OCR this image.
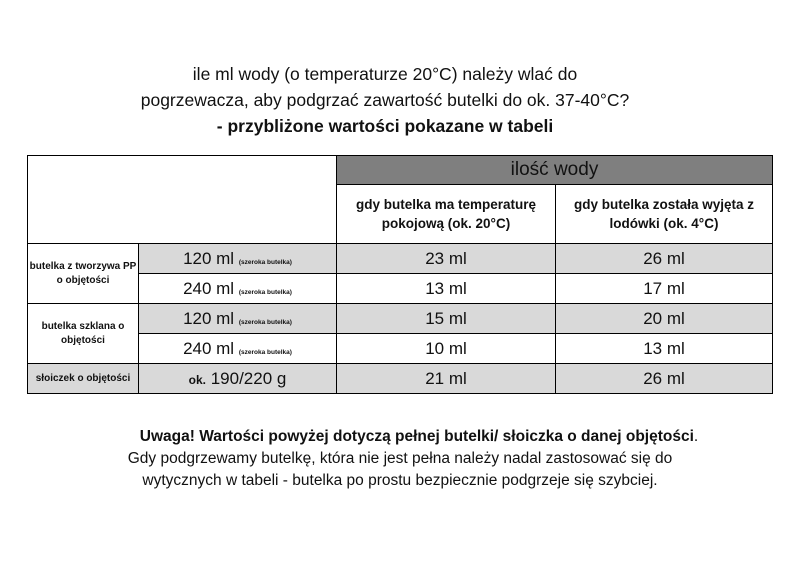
ile ml wody (o temperaturze 20°C) należy wlać do
pogrzewacza, aby podgrzać zawartość butelki do ok. 37-40°C?
- przybliżone wartości pokazane w tabeli
		ilość wody	
		gdy butelka ma temperaturę pokojową (ok. 20°C)	gdy butelka została wyjęta z lodówki (ok. 4°C)
butelka z tworzywa PP o objętości	120 ml (szeroka butelka)	23 ml	26 ml
	240 ml (szeroka butelka)	13 ml	17 ml
butelka szklana o objętości	120 ml (szeroka butelka)	15 ml	20 ml
	240 ml (szeroka butelka)	10 ml	13 ml
słoiczek o objętości	ok. 190/220 g	21 ml	26 ml
Uwaga! Wartości powyżej dotyczą pełnej butelki/ słoiczka o danej objętości.
Gdy podgrzewamy butelkę, która nie jest pełna należy nadal zastosować się do
wytycznych w tabeli - butelka po prostu bezpiecznie podgrzeje się szybciej.
